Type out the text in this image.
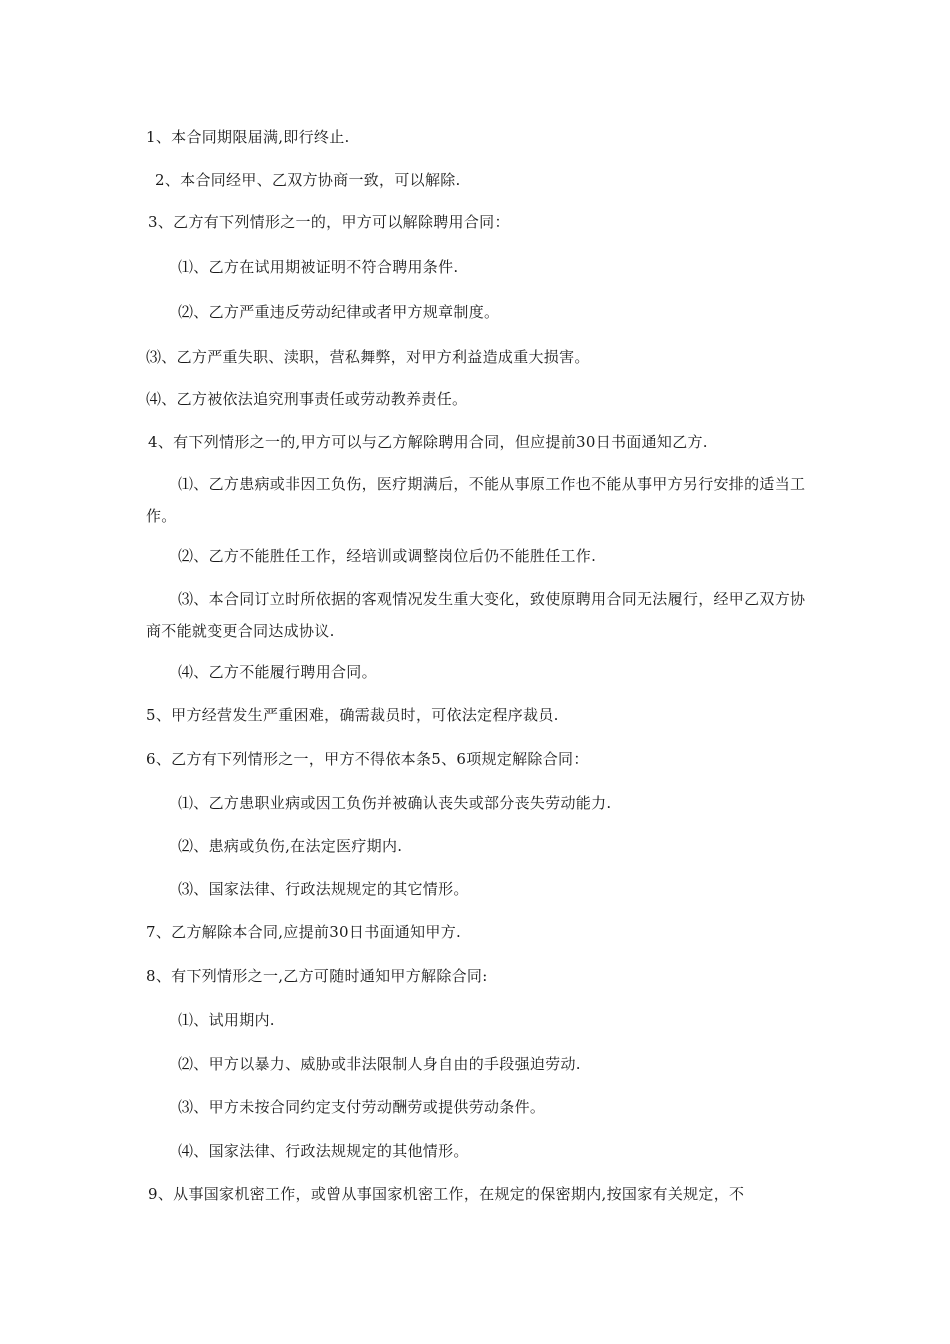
1、本合同期限届满,即行终止.
2、本合同经甲、乙双方协商一致，可以解除.
3、乙方有下列情形之一的，甲方可以解除聘用合同：
⑴、乙方在试用期被证明不符合聘用条件.
⑵、乙方严重违反劳动纪律或者甲方规章制度。
⑶、乙方严重失职、渎职，营私舞弊，对甲方利益造成重大损害。
⑷、乙方被依法追究刑事责任或劳动教养责任。
4、有下列情形之一的,甲方可以与乙方解除聘用合同，但应提前30日书面通知乙方.
⑴、乙方患病或非因工负伤，医疗期满后，不能从事原工作也不能从事甲方另行安排的适当工作。
⑵、乙方不能胜任工作，经培训或调整岗位后仍不能胜任工作.
⑶、本合同订立时所依据的客观情况发生重大变化，致使原聘用合同无法履行，经甲乙双方协商不能就变更合同达成协议.
⑷、乙方不能履行聘用合同。
5、甲方经营发生严重困难，确需裁员时，可依法定程序裁员.
6、乙方有下列情形之一，甲方不得依本条5、6项规定解除合同：
⑴、乙方患职业病或因工负伤并被确认丧失或部分丧失劳动能力.
⑵、患病或负伤,在法定医疗期内.
⑶、国家法律、行政法规规定的其它情形。
7、乙方解除本合同,应提前30日书面通知甲方.
8、有下列情形之一,乙方可随时通知甲方解除合同:
⑴、试用期内.
⑵、甲方以暴力、威胁或非法限制人身自由的手段强迫劳动.
⑶、甲方未按合同约定支付劳动酬劳或提供劳动条件。
⑷、国家法律、行政法规规定的其他情形。
9、从事国家机密工作，或曾从事国家机密工作，在规定的保密期内,按国家有关规定，不
